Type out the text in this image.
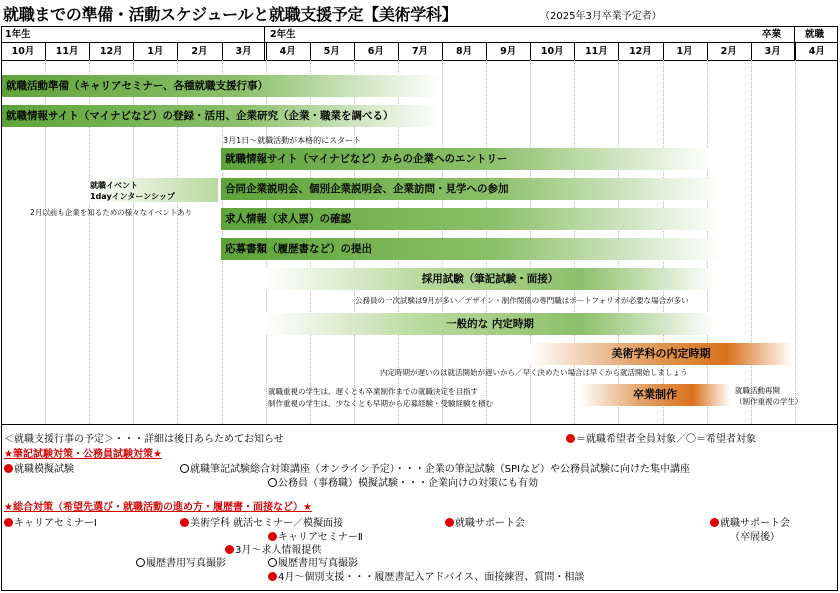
就職までの準備・活動スケジュールと就職支援予定【美術学科】	（2025年3月卒業予定者）
1年生	2年生	卒業	就職
10月	11月	12月	1月	2月	3月	4月	5月	6月	7月	8月	9月	10月	11月	12月	1月	2月	3月	4月
就職活動準備（キャリアセミナー、各種就職支援行事）
就職情報サイト（マイナビなど）の登録・活用、企業研究（企業・職業を調べる）
3月1日～就職活動が本格的にスタート
就職情報サイト（マイナビなど）からの企業へのエントリー
就職イベント
1dayインターンシップ
2月以前も企業を知るための様々なイベントあり
合同企業説明会、個別企業説明会、企業訪問・見学への参加
求人情報（求人票）の確認
応募書類（履歴書など）の提出
採用試験（筆記試験・面接）
公務員の一次試験は9月が多い／デザイン・制作関係の専門職はポートフォリオが必要な場合が多い
一般的な 内定時期
美術学科の内定時期
内定時期が遅いのは就活開始が遅いから／早く決めたい場合は早くから就活開始しましょう
就職重視の学生は、遅くとも卒業制作までの就職決定を目指す
制作重視の学生は、少なくとも早期から応募経験・受験経験を積む
卒業制作	就職活動再開
（制作重視の学生）
＜就職支援行事の予定＞・・・詳細は後日あらためてお知らせ	＝就職希望者全員対象／〇＝希望者対象
★筆記試験対策・公務員試験対策★
就職模擬試験	就職筆記試験総合対策講座（オンライン予定）・・・企業の筆記試験（SPIなど）や公務員試験に向けた集中講座
公務員（事務職）模擬試験・・・企業向けの対策にも有効
★総合対策（希望先選び・就職活動の進め方・履歴書・面接など）★
キャリアセミナーⅠ	美術学科 就活セミナー／模擬面接	就職サポート会	就職サポート会
（卒展後）
キャリアセミナーⅡ
3月～求人情報提供
履歴書用写真撮影	履歴書用写真撮影
4月～個別支援・・・履歴書記入アドバイス、面接練習、質問・相談
